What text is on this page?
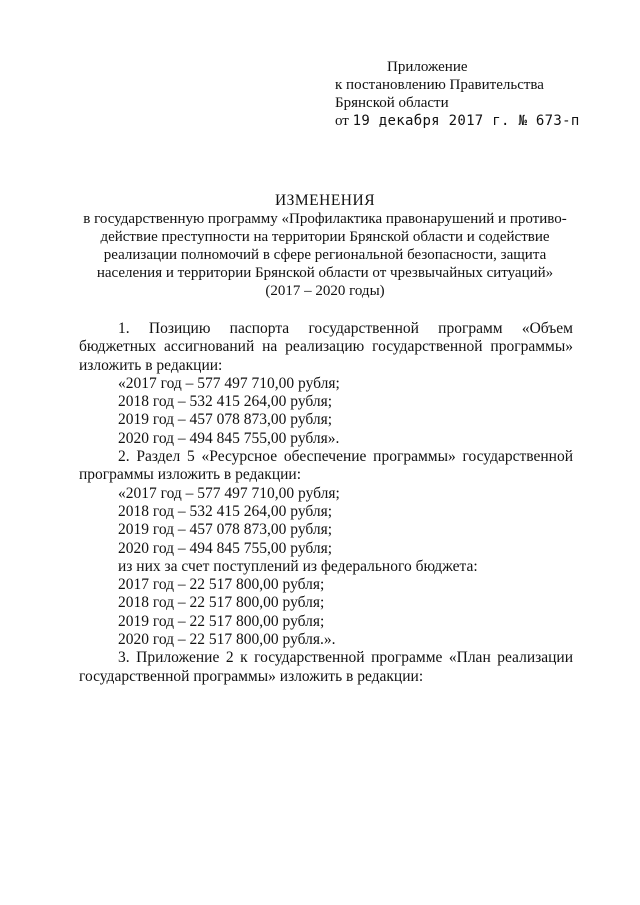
Приложение
к постановлению Правительства
Брянской области
от 19 декабря 2017 г. № 673-п
ИЗМЕНЕНИЯ
в государственную программу «Профилактика правонарушений и противо-
действие преступности на территории Брянской области и содействие
реализации полномочий в сфере региональной безопасности, защита
населения и территории Брянской области от чрезвычайных ситуаций»
(2017 – 2020 годы)
1. Позицию паспорта государственной программ «Объем бюджетных ассигнований на реализацию государственной программы» изложить в редакции:
«2017 год – 577 497 710,00 рубля;
2018 год – 532 415 264,00 рубля;
2019 год – 457 078 873,00 рубля;
2020 год – 494 845 755,00 рубля».
2. Раздел 5 «Ресурсное обеспечение программы» государственной программы изложить в редакции:
«2017 год – 577 497 710,00 рубля;
2018 год – 532 415 264,00 рубля;
2019 год – 457 078 873,00 рубля;
2020 год – 494 845 755,00 рубля;
из них за счет поступлений из федерального бюджета:
2017 год – 22 517 800,00 рубля;
2018 год – 22 517 800,00 рубля;
2019 год – 22 517 800,00 рубля;
2020 год – 22 517 800,00 рубля.».
3. Приложение 2 к государственной программе «План реализации государственной программы» изложить в редакции:
